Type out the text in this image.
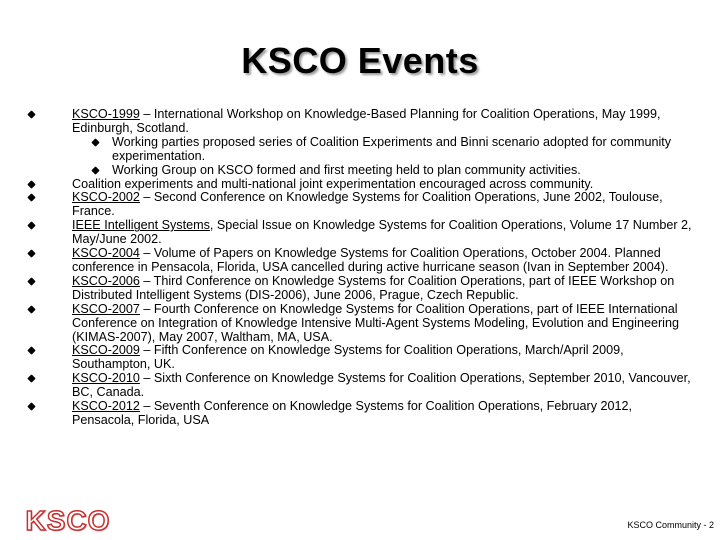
KSCO Events
KSCO-1999 – International Workshop on Knowledge-Based Planning for Coalition Operations, May 1999, Edinburgh, Scotland.
Working parties proposed series of Coalition Experiments and Binni scenario adopted for community experimentation.
Working Group on KSCO formed and first meeting held to plan community activities.
Coalition experiments and multi-national joint experimentation encouraged across community.
KSCO-2002 – Second Conference on Knowledge Systems for Coalition Operations, June 2002, Toulouse, France.
IEEE Intelligent Systems, Special Issue on Knowledge Systems for Coalition Operations, Volume 17 Number 2, May/June 2002.
KSCO-2004 – Volume of Papers on Knowledge Systems for Coalition Operations, October 2004. Planned conference in Pensacola, Florida, USA cancelled during active hurricane season (Ivan in September 2004).
KSCO-2006 – Third Conference on Knowledge Systems for Coalition Operations, part of IEEE Workshop on Distributed Intelligent Systems (DIS-2006), June 2006, Prague, Czech Republic.
KSCO-2007 – Fourth Conference on Knowledge Systems for Coalition Operations, part of IEEE International Conference on Integration of Knowledge Intensive Multi-Agent Systems Modeling, Evolution and Engineering (KIMAS-2007), May 2007, Waltham, MA, USA.
KSCO-2009 – Fifth Conference on Knowledge Systems for Coalition Operations, March/April 2009, Southampton, UK.
KSCO-2010 – Sixth Conference on Knowledge Systems for Coalition Operations, September 2010, Vancouver, BC, Canada.
KSCO-2012 – Seventh Conference on Knowledge Systems for Coalition Operations, February 2012, Pensacola, Florida, USA
KSCO	KSCO Community - 2
